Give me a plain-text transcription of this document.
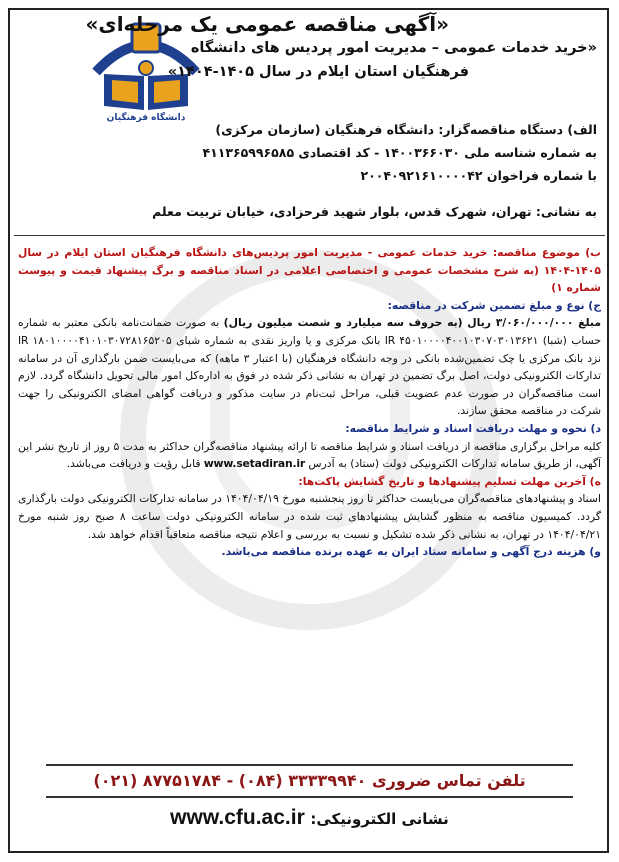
دانشگاه فرهنگیان
«آگهی مناقصه عمومی یک مرحله‌ای»
«خرید خدمات عمومی – مدیریت امور پردیس های دانشگاه
فرهنگیان استان ایلام در سال ۱۴۰۵-۱۴۰۴»
الف) دستگاه مناقصه‌گزار: دانشگاه فرهنگیان (سازمان مرکزی)
به شماره شناسه ملی ۱۴۰۰۳۶۶۰۳۰ - کد اقتصادی ۴۱۱۳۶۵۹۹۶۵۸۵
با شماره فراخوان ۲۰۰۴۰۹۲۱۶۱۰۰۰۰۴۲
به نشانی: تهران، شهرک قدس، بلوار شهید فرحزادی، خیابان تربیت معلم

ب) موضوع مناقصه: خرید خدمات عمومی - مدیریت امور پردیس‌های دانشگاه فرهنگیان استان ایلام در سال ۱۴۰۵-۱۴۰۴ (به شرح مشخصات عمومی و اختصاصی اعلامی در اسناد مناقصه و برگ پیشنهاد قیمت و پیوست شماره ۱)

ج) نوع و مبلغ تضمین شرکت در مناقصه:

مبلغ ۳/۰۶۰/۰۰۰/۰۰۰ ریال (به حروف سه میلیارد و شصت میلیون ریال) به صورت ضمانت‌نامه بانکی معتبر به شماره حساب (شبا) IR ۴۵۰۱۰۰۰۰۴۰۰۱۰۳۰۷۰۳۰۱۳۶۲۱ بانک مرکزی و یا واریز نقدی به شماره شبای IR ۱۸۰۱۰۰۰۰۴۱۰۱۰۳۰۷۲۸۱۶۵۲۰۵ نزد بانک مرکزی یا چک تضمین‌شده بانکی در وجه دانشگاه فرهنگیان (با اعتبار ۳ ماهه) که می‌بایست ضمن بارگذاری آن در سامانه تدارکات الکترونیکی دولت، اصل برگ تضمین در تهران به نشانی ذکر شده در فوق به اداره‌کل امور مالی تحویل دانشگاه گردد. لازم است مناقصه‌گران در صورت عدم عضویت قبلی، مراحل ثبت‌نام در سایت مذکور و دریافت گواهی امضای الکترونیکی را جهت شرکت در مناقصه محقق سازند.

د) نحوه و مهلت دریافت اسناد و شرایط مناقصه:

کلیه مراحل برگزاری مناقصه از دریافت اسناد و شرایط مناقصه تا ارائه پیشنهاد مناقصه‌گران حداکثر به مدت ۵ روز از تاریخ نشر این آگهی، از طریق سامانه تدارکات الکترونیکی دولت (ستاد) به آدرس www.setadiran.ir قابل رؤیت و دریافت می‌باشد.

ه) آخرین مهلت تسلیم پیشنهادها و تاریخ گشایش پاکت‌ها:

اسناد و پیشنهادهای مناقصه‌گران می‌بایست حداکثر تا روز پنجشنبه مورخ ۱۴۰۴/۰۴/۱۹ در سامانه تدارکات الکترونیکی دولت بارگذاری گردد. کمیسیون مناقصه به منظور گشایش پیشنهادهای ثبت شده در سامانه الکترونیکی دولت ساعت ۸ صبح روز شنبه مورخ ۱۴۰۴/۰۴/۲۱ در تهران، به نشانی ذکر شده تشکیل و نسبت به بررسی و اعلام نتیجه مناقصه متعاقباً اقدام خواهد شد.

و) هزینه درج آگهی و سامانه ستاد ایران به عهده برنده مناقصه می‌باشد.

تلفن تماس ضروری ۳۳۳۳۹۹۴۰ (۰۸۴) - ۸۷۷۵۱۷۸۴ (۰۲۱)
نشانی الکترونیکی: www.cfu.ac.ir
